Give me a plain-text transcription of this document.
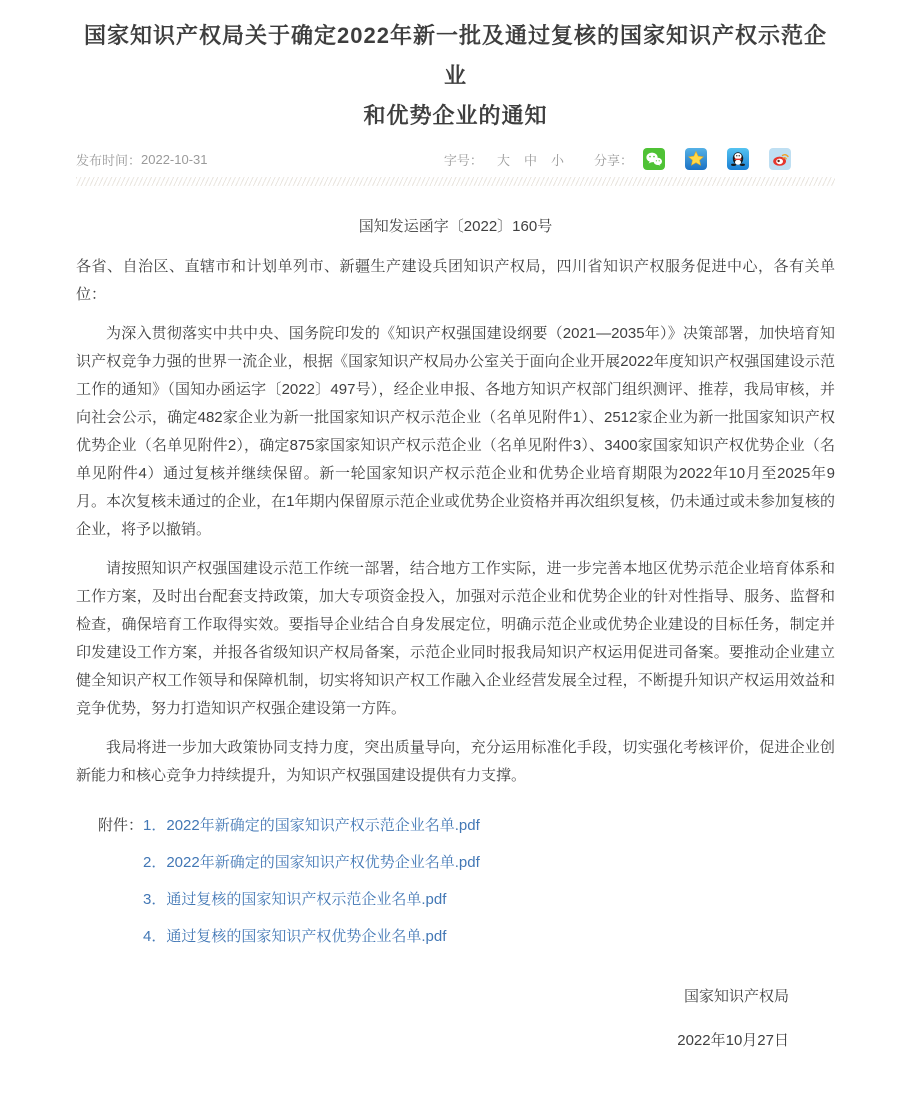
国家知识产权局关于确定2022年新一批及通过复核的国家知识产权示范企业
和优势企业的通知
发布时间： 2022-10-31	字号： 大 中 小 分享：
国知发运函字〔2022〕160号
各省、自治区、直辖市和计划单列市、新疆生产建设兵团知识产权局，四川省知识产权服务促进中心，各有关单位：

为深入贯彻落实中共中央、国务院印发的《知识产权强国建设纲要（2021—2035年）》决策部署，加快培育知识产权竞争力强的世界一流企业，根据《国家知识产权局办公室关于面向企业开展2022年度知识产权强国建设示范工作的通知》（国知办函运字〔2022〕497号），经企业申报、各地方知识产权部门组织测评、推荐，我局审核，并向社会公示，确定482家企业为新一批国家知识产权示范企业（名单见附件1）、2512家企业为新一批国家知识产权优势企业（名单见附件2），确定875家国家知识产权示范企业（名单见附件3）、3400家国家知识产权优势企业（名单见附件4）通过复核并继续保留。新一轮国家知识产权示范企业和优势企业培育期限为2022年10月至2025年9月。本次复核未通过的企业，在1年期内保留原示范企业或优势企业资格并再次组织复核，仍未通过或未参加复核的企业，将予以撤销。

请按照知识产权强国建设示范工作统一部署，结合地方工作实际，进一步完善本地区优势示范企业培育体系和工作方案，及时出台配套支持政策，加大专项资金投入，加强对示范企业和优势企业的针对性指导、服务、监督和检查，确保培育工作取得实效。要指导企业结合自身发展定位，明确示范企业或优势企业建设的目标任务，制定并印发建设工作方案，并报各省级知识产权局备案，示范企业同时报我局知识产权运用促进司备案。要推动企业建立健全知识产权工作领导和保障机制，切实将知识产权工作融入企业经营发展全过程，不断提升知识产权运用效益和竞争优势，努力打造知识产权强企建设第一方阵。

我局将进一步加大政策协同支持力度，突出质量导向，充分运用标准化手段，切实强化考核评价，促进企业创新能力和核心竞争力持续提升，为知识产权强国建设提供有力支撑。

附件：1．2022年新确定的国家知识产权示范企业名单.pdf
2．2022年新确定的国家知识产权优势企业名单.pdf
3．通过复核的国家知识产权示范企业名单.pdf
4．通过复核的国家知识产权优势企业名单.pdf
国家知识产权局
2022年10月27日
